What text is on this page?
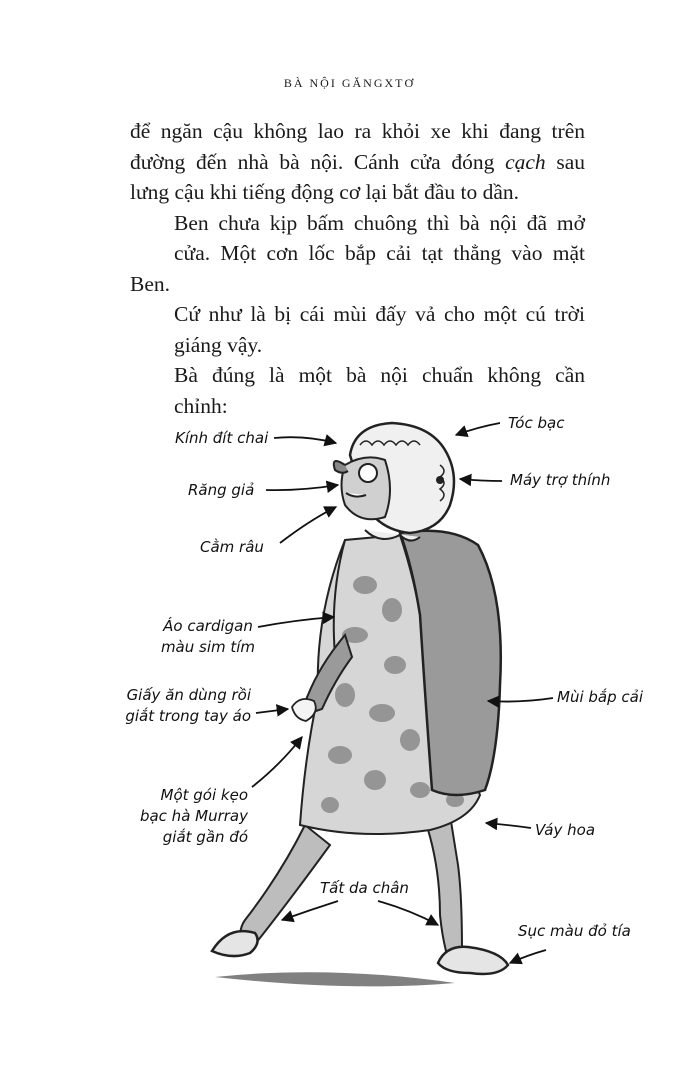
BÀ NỘI GĂNGXTƠ

để ngăn cậu không lao ra khỏi xe khi đang trên
đường đến nhà bà nội. Cánh cửa đóng cạch sau
lưng cậu khi tiếng động cơ lại bắt đầu to dần.

Ben chưa kịp bấm chuông thì bà nội đã mở
cửa. Một cơn lốc bắp cải tạt thẳng vào mặt Ben.
Cứ như là bị cái mùi đấy vả cho một cú trời
giáng vậy.

Bà đúng là một bà nội chuẩn không cần
chỉnh:

Kính đít chai
Tóc bạc
Máy trợ thính
Răng giả
Cằm râu
Áo cardigan
màu sim tím
Giấy ăn dùng rồi
giắt trong tay áo
Mùi bắp cải
Một gói kẹo
bạc hà Murray
giắt gần đó	Váy hoa
Tất da chân
Sục màu đỏ tía
